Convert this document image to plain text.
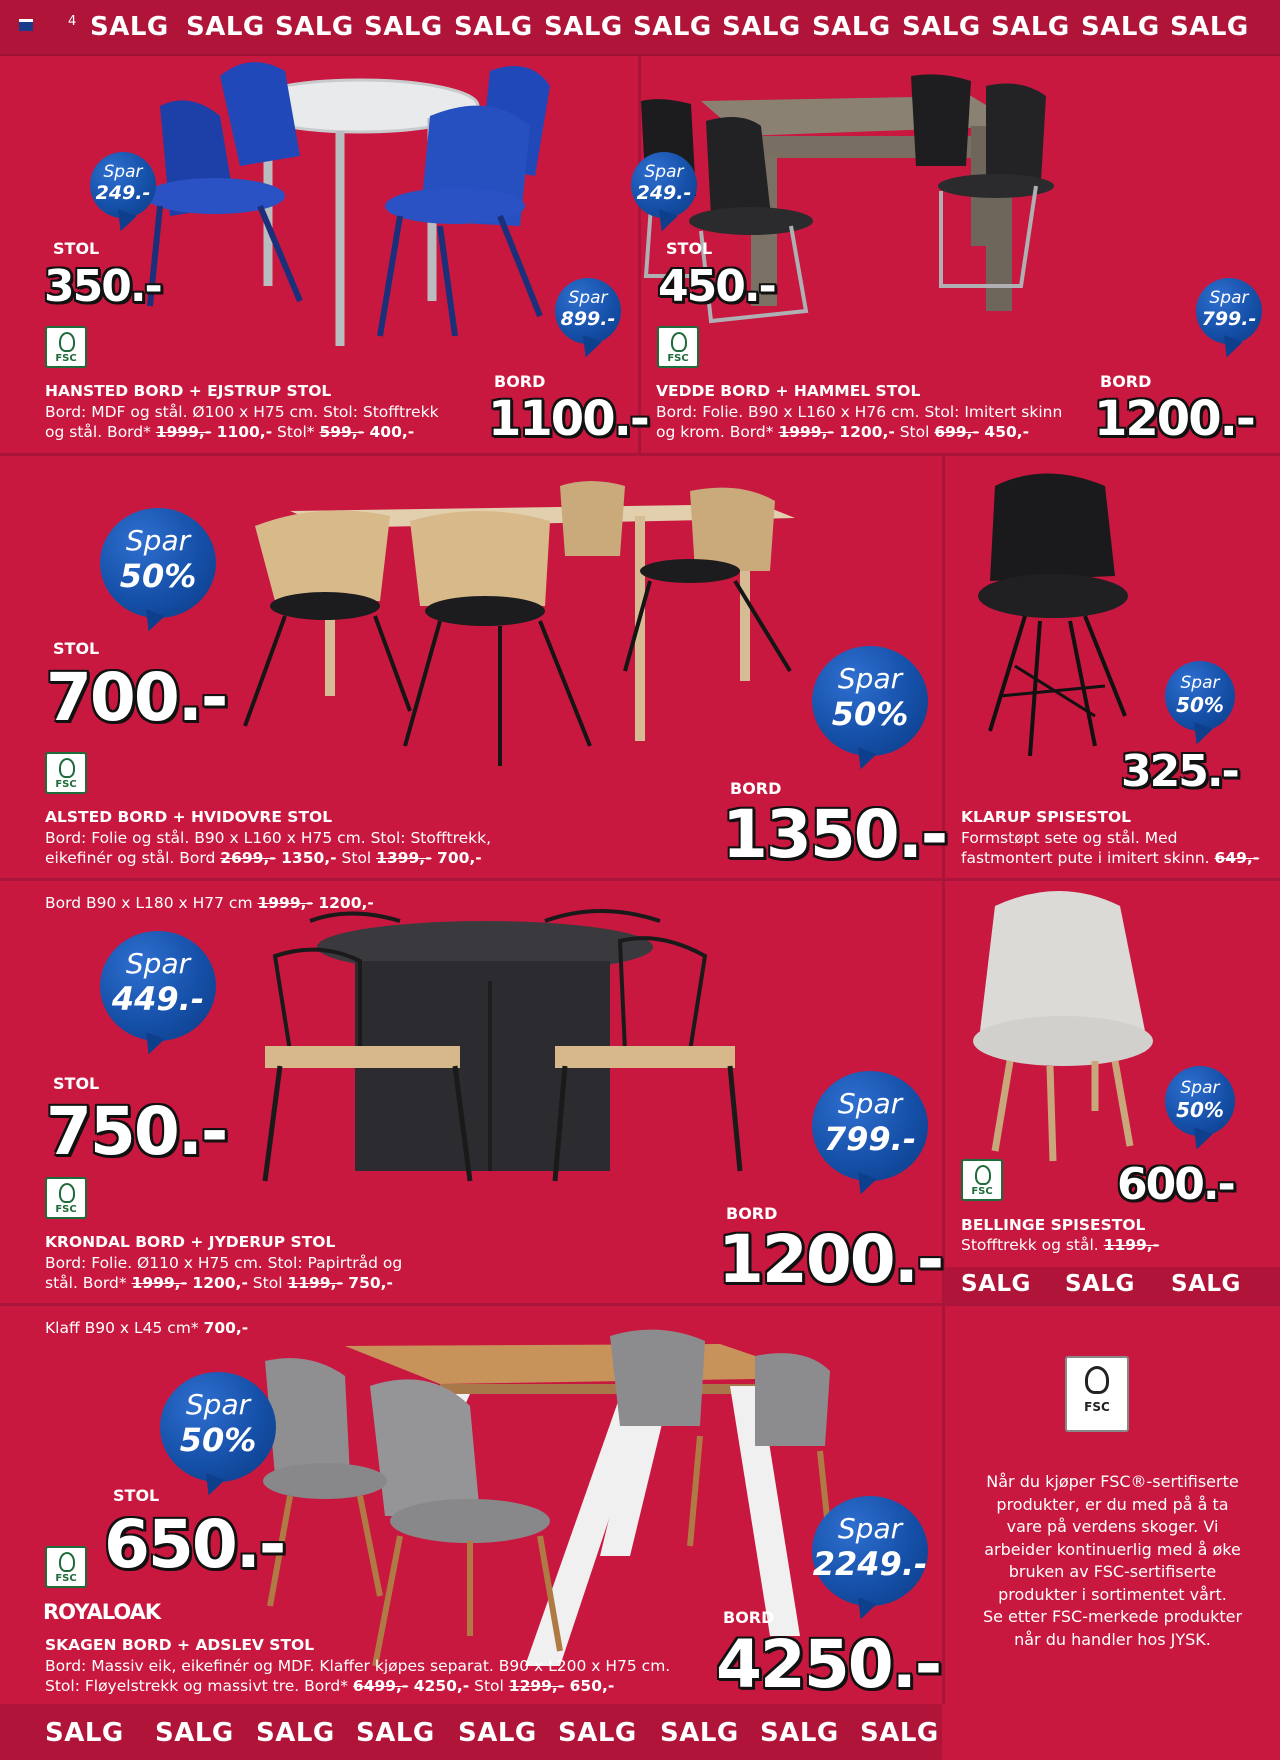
4 SALG SALG SALG SALG SALG SALG SALG SALG SALG SALG SALG SALG SALG
Spar
249.-
STOL
350.-	Spar
899.-
FSC
BORD
1100.-
HANSTED BORD + EJSTRUP STOL
Bord: MDF og stål. Ø100 x H75 cm. Stol: Stofftrekk
og stål. Bord* 1999,- 1100,- Stol* 599,- 400,-
Spar
249.-
STOL
450.-	Spar
799.-
FSC
BORD
1200.-
VEDDE BORD + HAMMEL STOL
Bord: Folie. B90 x L160 x H76 cm. Stol: Imitert skinn
og krom. Bord* 1999,- 1200,- Stol 699,- 450,-
Spar
50%
STOL
700.-	Spar
50%
FSC	BORD
1350.-
ALSTED BORD + HVIDOVRE STOL
Bord: Folie og stål. B90 x L160 x H75 cm. Stol: Stofftrekk,
eikefinér og stål. Bord 2699,- 1350,- Stol 1399,- 700,-
Spar
50%
325.-
KLARUP SPISESTOL
Formstøpt sete og stål. Med
fastmontert pute i imitert skinn. 649,-
Bord B90 x L180 x H77 cm 1999,- 1200,-
Spar
449.-
STOL
750.-	Spar
799.-
FSC	BORD
1200.-
KRONDAL BORD + JYDERUP STOL
Bord: Folie. Ø110 x H75 cm. Stol: Papirtråd og
stål. Bord* 1999,- 1200,- Stol 1199,- 750,-
Spar
50%
FSC	600.-
BELLINGE SPISESTOL
Stofftrekk og stål. 1199,-
SALG SALG SALG
Klaff B90 x L45 cm* 700,-
Spar
50%
STOL
650.-	Spar
2249.-
FSC
ROYALOAK	BORD
4250.-
SKAGEN BORD + ADSLEV STOL
Bord: Massiv eik, eikefinér og MDF. Klaffer kjøpes separat. B90 x L200 x H75 cm.
Stol: Fløyelstrekk og massivt tre. Bord* 6499,- 4250,- Stol 1299,- 650,-
FSC
Når du kjøper FSC®-sertifiserte
produkter, er du med på å ta
vare på verdens skoger. Vi
arbeider kontinuerlig med å øke
bruken av FSC-sertifiserte
produkter i sortimentet vårt.
Se etter FSC-merkede produkter
når du handler hos JYSK.
SALG SALG SALG SALG SALG SALG SALG SALG SALG
